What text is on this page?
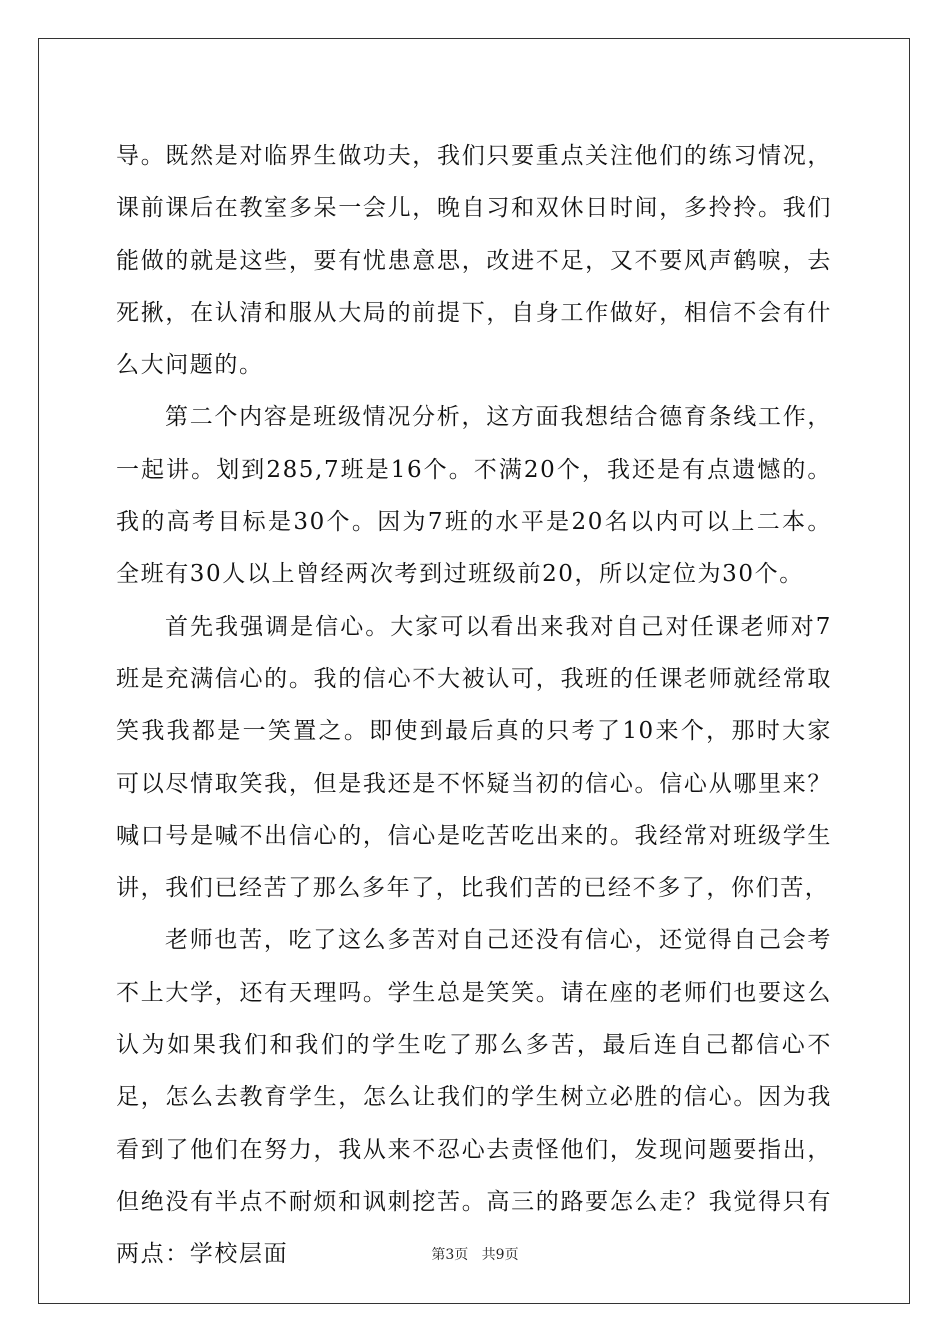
导。既然是对临界生做功夫，我们只要重点关注他们的练习情况，课前课后在教室多呆一会儿，晚自习和双休日时间，多拎拎。我们能做的就是这些，要有忧患意思，改进不足，又不要风声鹤唳，去死揪，在认清和服从大局的前提下，自身工作做好，相信不会有什么大问题的。

第二个内容是班级情况分析，这方面我想结合德育条线工作，一起讲。划到285,7班是16个。不满20个，我还是有点遗憾的。我的高考目标是30个。因为7班的水平是20名以内可以上二本。全班有30人以上曾经两次考到过班级前20，所以定位为30个。

首先我强调是信心。大家可以看出来我对自己对任课老师对7班是充满信心的。我的信心不大被认可，我班的任课老师就经常取笑我我都是一笑置之。即使到最后真的只考了10来个，那时大家可以尽情取笑我，但是我还是不怀疑当初的信心。信心从哪里来？喊口号是喊不出信心的，信心是吃苦吃出来的。我经常对班级学生讲，我们已经苦了那么多年了，比我们苦的已经不多了，你们苦，

老师也苦，吃了这么多苦对自己还没有信心，还觉得自己会考不上大学，还有天理吗。学生总是笑笑。请在座的老师们也要这么认为如果我们和我们的学生吃了那么多苦，最后连自己都信心不足，怎么去教育学生，怎么让我们的学生树立必胜的信心。因为我看到了他们在努力，我从来不忍心去责怪他们，发现问题要指出，但绝没有半点不耐烦和讽刺挖苦。高三的路要怎么走？我觉得只有两点：学校层面	第3页 共9页
